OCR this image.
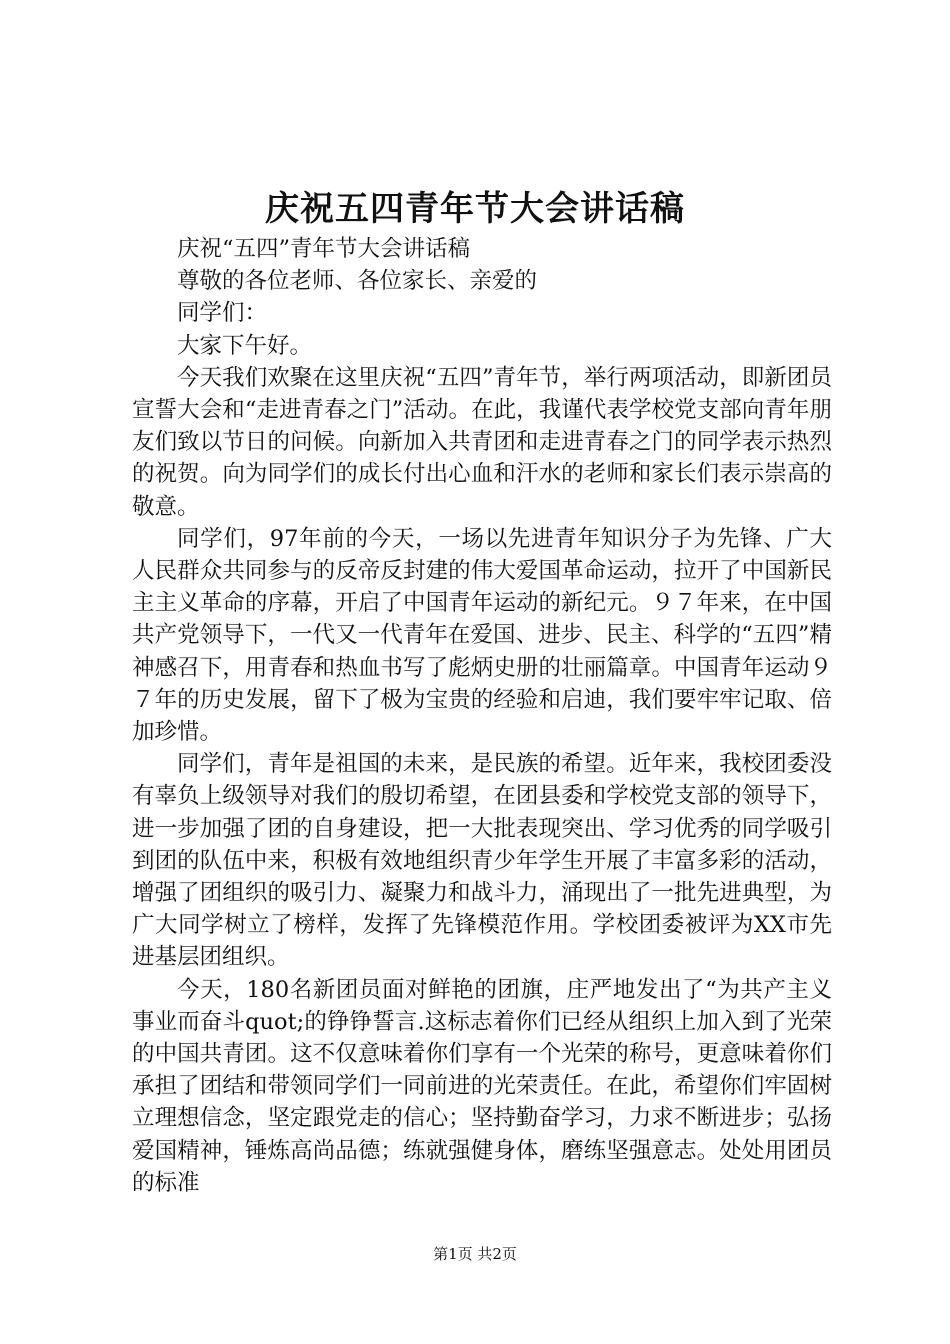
庆祝五四青年节大会讲话稿

庆祝“五四”青年节大会讲话稿

尊敬的各位老师、各位家长、亲爱的

同学们：

大家下午好。

今天我们欢聚在这里庆祝“五四”青年节，举行两项活动，即新团员宣誓大会和“走进青春之门”活动。在此，我谨代表学校党支部向青年朋友们致以节日的问候。向新加入共青团和走进青春之门的同学表示热烈的祝贺。向为同学们的成长付出心血和汗水的老师和家长们表示崇高的敬意。

同学们，97年前的今天，一场以先进青年知识分子为先锋、广大人民群众共同参与的反帝反封建的伟大爱国革命运动，拉开了中国新民主主义革命的序幕，开启了中国青年运动的新纪元。９７年来，在中国共产党领导下，一代又一代青年在爱国、进步、民主、科学的“五四”精神感召下，用青春和热血书写了彪炳史册的壮丽篇章。中国青年运动９７年的历史发展，留下了极为宝贵的经验和启迪，我们要牢牢记取、倍加珍惜。

同学们，青年是祖国的未来，是民族的希望。近年来，我校团委没有辜负上级领导对我们的殷切希望，在团县委和学校党支部的领导下，进一步加强了团的自身建设，把一大批表现突出、学习优秀的同学吸引到团的队伍中来，积极有效地组织青少年学生开展了丰富多彩的活动，增强了团组织的吸引力、凝聚力和战斗力，涌现出了一批先进典型，为广大同学树立了榜样，发挥了先锋模范作用。学校团委被评为XX市先进基层团组织。

今天，180名新团员面对鲜艳的团旗，庄严地发出了“为共产主义事业而奋斗quot;的铮铮誓言.这标志着你们已经从组织上加入到了光荣的中国共青团。这不仅意味着你们享有一个光荣的称号，更意味着你们承担了团结和带领同学们一同前进的光荣责任。在此，希望你们牢固树立理想信念，坚定跟党走的信心；坚持勤奋学习，力求不断进步；弘扬爱国精神，锤炼高尚品德；练就强健身体，磨练坚强意志。处处用团员的标准

第1页 共2页
